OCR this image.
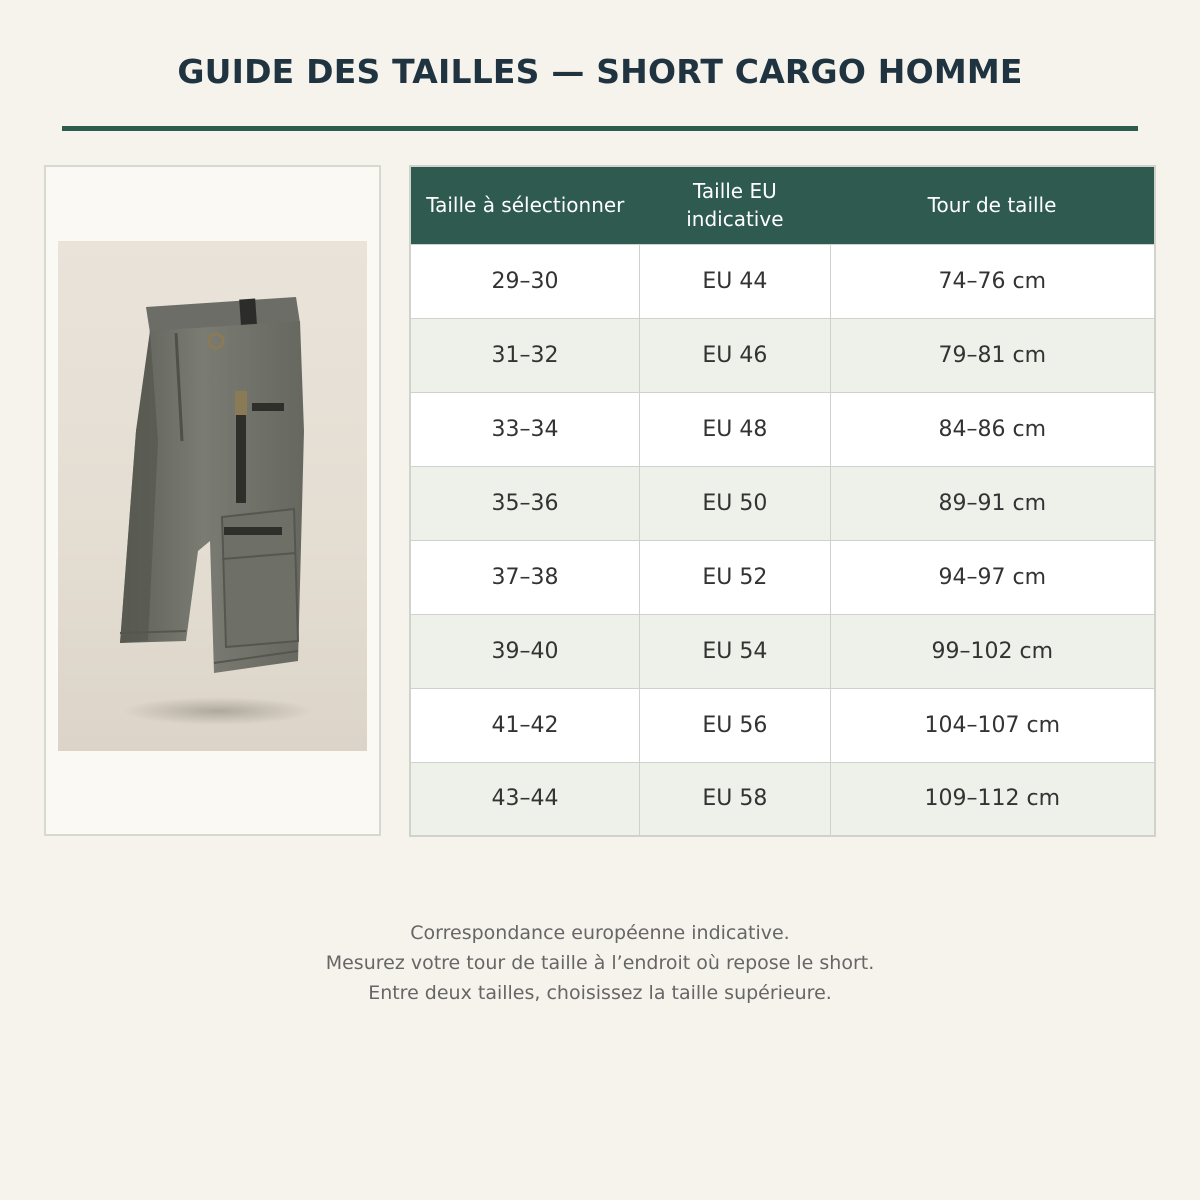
GUIDE DES TAILLES — SHORT CARGO HOMME
Taille à sélectionner	Taille EU indicative	Tour de taille
29–30	EU 44	74–76 cm
31–32	EU 46	79–81 cm
33–34	EU 48	84–86 cm
35–36	EU 50	89–91 cm
37–38	EU 52	94–97 cm
39–40	EU 54	99–102 cm
41–42	EU 56	104–107 cm
43–44	EU 58	109–112 cm

Correspondance européenne indicative.

Mesurez votre tour de taille à l’endroit où repose le short.

Entre deux tailles, choisissez la taille supérieure.
